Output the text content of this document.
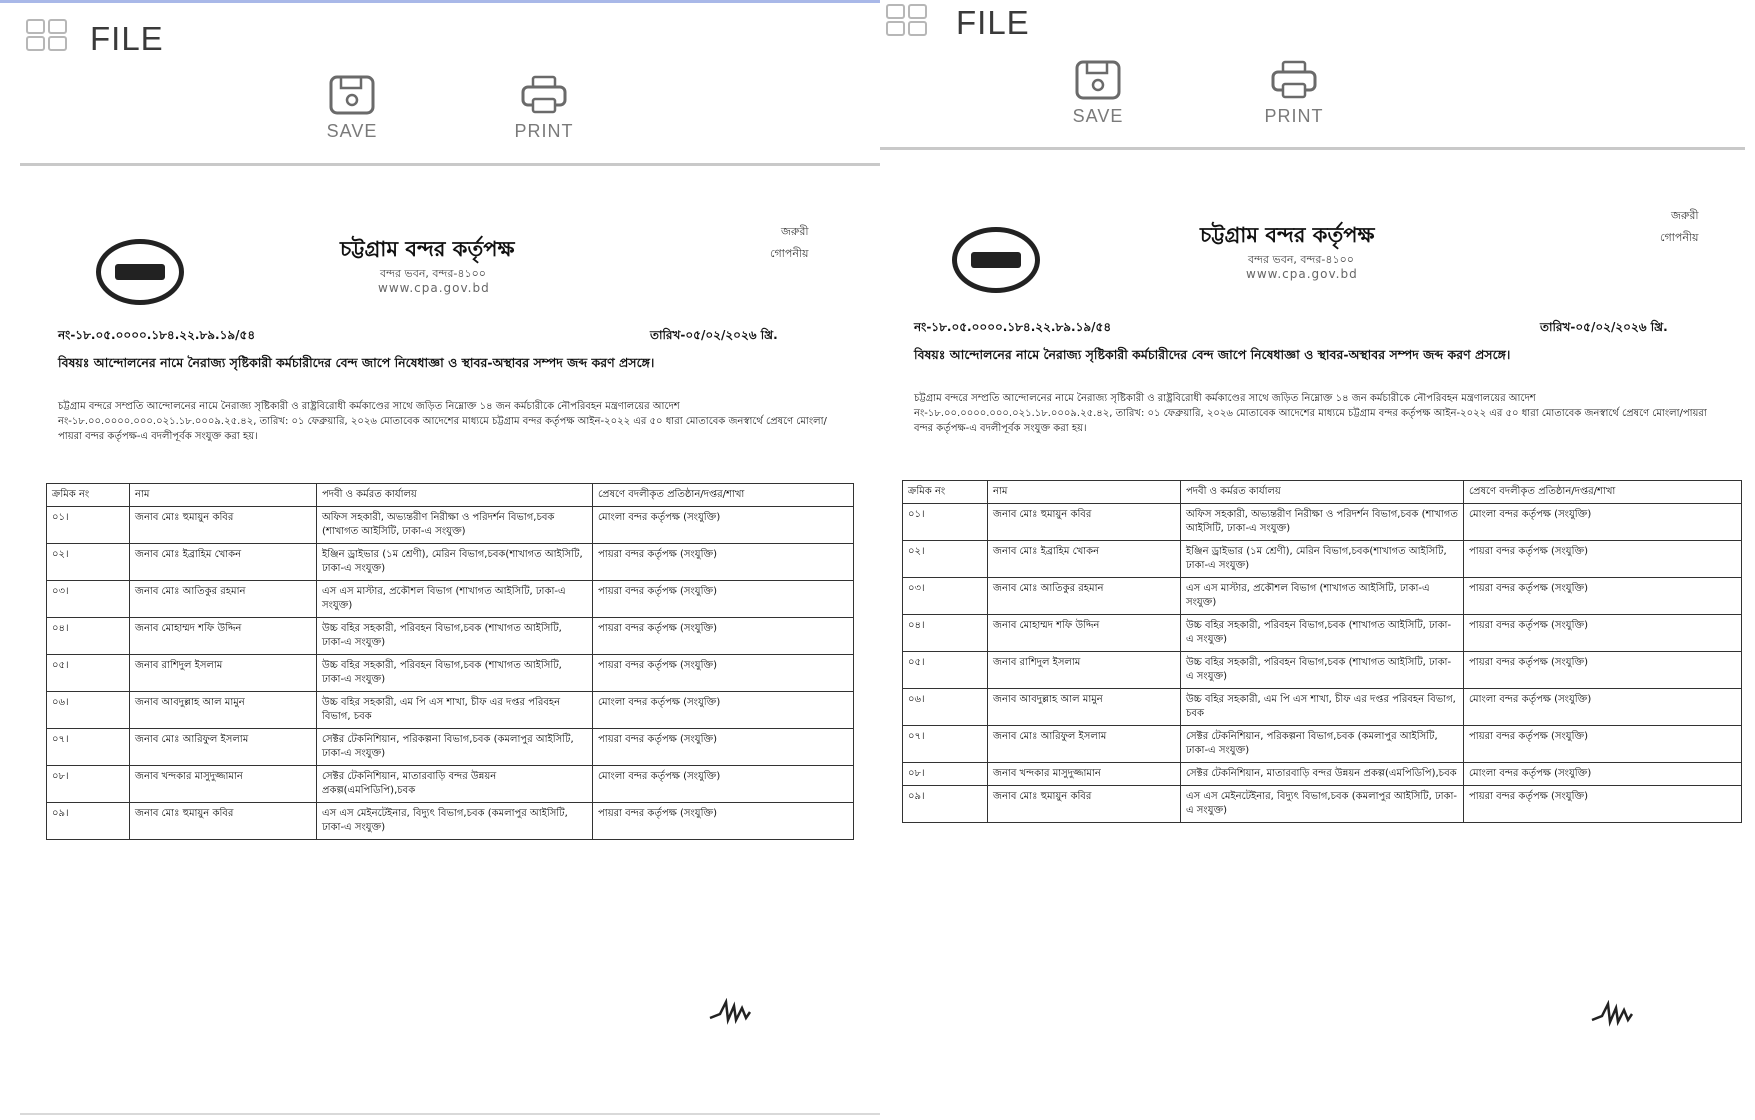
FILE
SAVE	PRINT
চট্টগ্রাম বন্দর কর্তৃপক্ষ
বন্দর ভবন, বন্দর-৪১০০
www.cpa.gov.bd
জরুরী
গোপনীয়
নং-১৮.০৫.০০০০.১৮৪.২২.৮৯.১৯/৫৪	তারিখ-০৫/০২/২০২৬ খ্রি.
বিষয়ঃ আন্দোলনের নামে নৈরাজ্য সৃষ্টিকারী কর্মচারীদের বেন্দ জাপে নিষেধাজ্ঞা ও স্থাবর-অস্থাবর সম্পদ জব্দ করণ প্রসঙ্গে।
চট্টগ্রাম বন্দরে সম্প্রতি আন্দোলনের নামে নৈরাজ্য সৃষ্টিকারী ও রাষ্ট্রবিরোধী কর্মকাণ্ডের সাথে জড়িত নিম্নোক্ত ১৪ জন কর্মচারীকে নৌপরিবহন মন্ত্রণালয়ের আদেশ নং-১৮.০০.০০০০.০০০.০২১.১৮.০০০৯.২৫.৪২, তারিখ: ০১ ফেব্রুয়ারি, ২০২৬ মোতাবেক আদেশের মাধ্যমে চট্টগ্রাম বন্দর কর্তৃপক্ষ আইন-২০২২ এর ৫০ ধারা মোতাবেক জনস্বার্থে প্রেষণে মোংলা/পায়রা বন্দর কর্তৃপক্ষ-এ বদলীপূর্বক সংযুক্ত করা হয়।
ক্রমিক নং	নাম	পদবী ও কর্মরত কার্যালয়	প্রেষণে বদলীকৃত প্রতিষ্ঠান/দপ্তর/শাখা
০১।	জনাব মোঃ হুমায়ুন কবির	অফিস সহকারী, অভ্যন্তরীণ নিরীক্ষা ও পরিদর্শন বিভাগ,চবক (শাখাগত আইসিটি, ঢাকা-এ সংযুক্ত)	মোংলা বন্দর কর্তৃপক্ষ (সংযুক্তি)
০২।	জনাব মোঃ ইব্রাহিম খোকন	ইঞ্জিন ড্রাইভার (১ম শ্রেণী), মেরিন বিভাগ,চবক(শাখাগত আইসিটি, ঢাকা-এ সংযুক্ত)	পায়রা বন্দর কর্তৃপক্ষ (সংযুক্তি)
০৩।	জনাব মোঃ আতিকুর রহমান	এস এস মাস্টার, প্রকৌশল বিভাগ (শাখাগত আইসিটি, ঢাকা-এ সংযুক্ত)	পায়রা বন্দর কর্তৃপক্ষ (সংযুক্তি)
০৪।	জনাব মোহাম্মদ শফি উদ্দিন	উচ্চ বহির সহকারী, পরিবহন বিভাগ,চবক (শাখাগত আইসিটি, ঢাকা-এ সংযুক্ত)	পায়রা বন্দর কর্তৃপক্ষ (সংযুক্তি)
০৫।	জনাব রাশিদুল ইসলাম	উচ্চ বহির সহকারী, পরিবহন বিভাগ,চবক (শাখাগত আইসিটি, ঢাকা-এ সংযুক্ত)	পায়রা বন্দর কর্তৃপক্ষ (সংযুক্তি)
০৬।	জনাব আবদুল্লাহ আল মামুন	উচ্চ বহির সহকারী, এম পি এস শাখা, চীফ এর দপ্তর পরিবহন বিভাগ, চবক	মোংলা বন্দর কর্তৃপক্ষ (সংযুক্তি)
০৭।	জনাব মোঃ আরিফুল ইসলাম	সেক্টর টেকনিশিয়ান, পরিকল্পনা বিভাগ,চবক (কমলাপুর আইসিটি, ঢাকা-এ সংযুক্ত)	পায়রা বন্দর কর্তৃপক্ষ (সংযুক্তি)
০৮।	জনাব খন্দকার মাসুদুজ্জামান	সেক্টর টেকনিশিয়ান, মাতারবাড়ি বন্দর উন্নয়ন প্রকল্প(এমপিডিপি),চবক	মোংলা বন্দর কর্তৃপক্ষ (সংযুক্তি)
০৯।	জনাব মোঃ হুমায়ুন কবির	এস এস মেইনটেইনার, বিদ্যুৎ বিভাগ,চবক (কমলাপুর আইসিটি, ঢাকা-এ সংযুক্ত)	পায়রা বন্দর কর্তৃপক্ষ (সংযুক্তি)
FILE
SAVE	PRINT
চট্টগ্রাম বন্দর কর্তৃপক্ষ
বন্দর ভবন, বন্দর-৪১০০
www.cpa.gov.bd
জরুরী
গোপনীয়
নং-১৮.০৫.০০০০.১৮৪.২২.৮৯.১৯/৫৪	তারিখ-০৫/০২/২০২৬ খ্রি.
বিষয়ঃ আন্দোলনের নামে নৈরাজ্য সৃষ্টিকারী কর্মচারীদের বেন্দ জাপে নিষেধাজ্ঞা ও স্থাবর-অস্থাবর সম্পদ জব্দ করণ প্রসঙ্গে।
চট্টগ্রাম বন্দরে সম্প্রতি আন্দোলনের নামে নৈরাজ্য সৃষ্টিকারী ও রাষ্ট্রবিরোধী কর্মকাণ্ডের সাথে জড়িত নিম্নোক্ত ১৪ জন কর্মচারীকে নৌপরিবহন মন্ত্রণালয়ের আদেশ নং-১৮.০০.০০০০.০০০.০২১.১৮.০০০৯.২৫.৪২, তারিখ: ০১ ফেব্রুয়ারি, ২০২৬ মোতাবেক আদেশের মাধ্যমে চট্টগ্রাম বন্দর কর্তৃপক্ষ আইন-২০২২ এর ৫০ ধারা মোতাবেক জনস্বার্থে প্রেষণে মোংলা/পায়রা বন্দর কর্তৃপক্ষ-এ বদলীপূর্বক সংযুক্ত করা হয়।
ক্রমিক নং	নাম	পদবী ও কর্মরত কার্যালয়	প্রেষণে বদলীকৃত প্রতিষ্ঠান/দপ্তর/শাখা
০১।	জনাব মোঃ হুমায়ুন কবির	অফিস সহকারী, অভ্যন্তরীণ নিরীক্ষা ও পরিদর্শন বিভাগ,চবক (শাখাগত আইসিটি, ঢাকা-এ সংযুক্ত)	মোংলা বন্দর কর্তৃপক্ষ (সংযুক্তি)
০২।	জনাব মোঃ ইব্রাহিম খোকন	ইঞ্জিন ড্রাইভার (১ম শ্রেণী), মেরিন বিভাগ,চবক(শাখাগত আইসিটি, ঢাকা-এ সংযুক্ত)	পায়রা বন্দর কর্তৃপক্ষ (সংযুক্তি)
০৩।	জনাব মোঃ আতিকুর রহমান	এস এস মাস্টার, প্রকৌশল বিভাগ (শাখাগত আইসিটি, ঢাকা-এ সংযুক্ত)	পায়রা বন্দর কর্তৃপক্ষ (সংযুক্তি)
০৪।	জনাব মোহাম্মদ শফি উদ্দিন	উচ্চ বহির সহকারী, পরিবহন বিভাগ,চবক (শাখাগত আইসিটি, ঢাকা-এ সংযুক্ত)	পায়রা বন্দর কর্তৃপক্ষ (সংযুক্তি)
০৫।	জনাব রাশিদুল ইসলাম	উচ্চ বহির সহকারী, পরিবহন বিভাগ,চবক (শাখাগত আইসিটি, ঢাকা-এ সংযুক্ত)	পায়রা বন্দর কর্তৃপক্ষ (সংযুক্তি)
০৬।	জনাব আবদুল্লাহ আল মামুন	উচ্চ বহির সহকারী, এম পি এস শাখা, চীফ এর দপ্তর পরিবহন বিভাগ, চবক	মোংলা বন্দর কর্তৃপক্ষ (সংযুক্তি)
০৭।	জনাব মোঃ আরিফুল ইসলাম	সেক্টর টেকনিশিয়ান, পরিকল্পনা বিভাগ,চবক (কমলাপুর আইসিটি, ঢাকা-এ সংযুক্ত)	পায়রা বন্দর কর্তৃপক্ষ (সংযুক্তি)
০৮।	জনাব খন্দকার মাসুদুজ্জামান	সেক্টর টেকনিশিয়ান, মাতারবাড়ি বন্দর উন্নয়ন প্রকল্প(এমপিডিপি),চবক	মোংলা বন্দর কর্তৃপক্ষ (সংযুক্তি)
০৯।	জনাব মোঃ হুমায়ুন কবির	এস এস মেইনটেইনার, বিদ্যুৎ বিভাগ,চবক (কমলাপুর আইসিটি, ঢাকা-এ সংযুক্ত)	পায়রা বন্দর কর্তৃপক্ষ (সংযুক্তি)
